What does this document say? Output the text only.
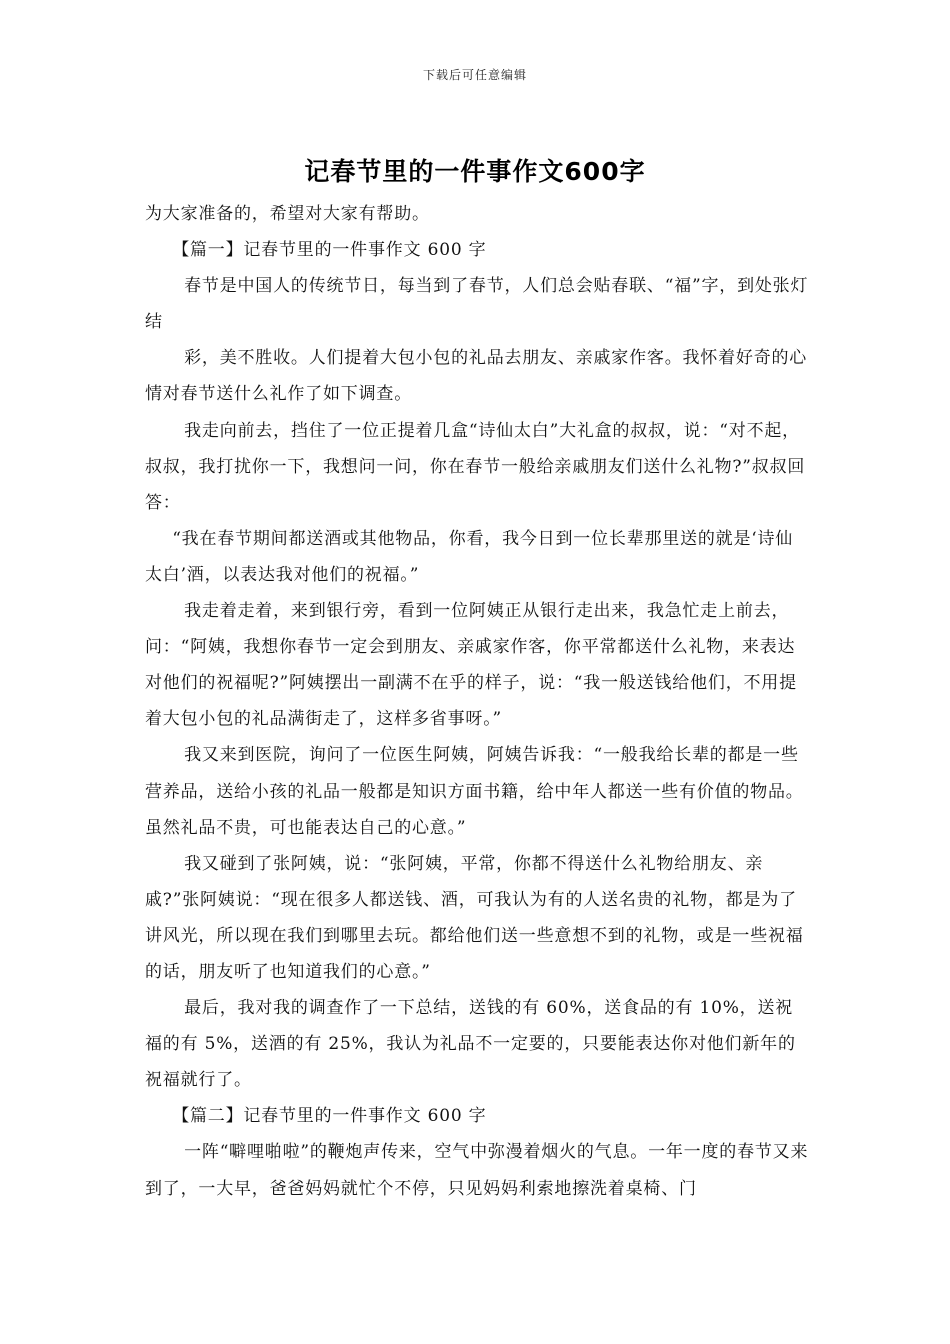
下载后可任意编辑
记春节里的一件事作文600字

为大家准备的，希望对大家有帮助。

【篇一】记春节里的一件事作文 600 字

春节是中国人的传统节日，每当到了春节，人们总会贴春联、“福”字，到处张灯结

彩，美不胜收。人们提着大包小包的礼品去朋友、亲戚家作客。我怀着好奇的心情对春节送什么礼作了如下调查。

我走向前去，挡住了一位正提着几盒“诗仙太白”大礼盒的叔叔，说：“对不起，叔叔，我打扰你一下，我想问一问，你在春节一般给亲戚朋友们送什么礼物?”叔叔回答：

“我在春节期间都送酒或其他物品，你看，我今日到一位长辈那里送的就是‘诗仙太白’酒，以表达我对他们的祝福。”

我走着走着，来到银行旁，看到一位阿姨正从银行走出来，我急忙走上前去，问：“阿姨，我想你春节一定会到朋友、亲戚家作客，你平常都送什么礼物，来表达对他们的祝福呢?”阿姨摆出一副满不在乎的样子，说：“我一般送钱给他们，不用提着大包小包的礼品满街走了，这样多省事呀。”

我又来到医院，询问了一位医生阿姨，阿姨告诉我：“一般我给长辈的都是一些营养品，送给小孩的礼品一般都是知识方面书籍，给中年人都送一些有价值的物品。虽然礼品不贵，可也能表达自己的心意。”

我又碰到了张阿姨，说：“张阿姨，平常，你都不得送什么礼物给朋友、亲戚?”张阿姨说：“现在很多人都送钱、酒，可我认为有的人送名贵的礼物，都是为了讲风光，所以现在我们到哪里去玩。都给他们送一些意想不到的礼物，或是一些祝福的话，朋友听了也知道我们的心意。”

最后，我对我的调查作了一下总结，送钱的有 60%，送食品的有 10%，送祝福的有 5%，送酒的有 25%，我认为礼品不一定要的，只要能表达你对他们新年的祝福就行了。

【篇二】记春节里的一件事作文 600 字

一阵“噼哩啪啦”的鞭炮声传来，空气中弥漫着烟火的气息。一年一度的春节又来到了，一大早，爸爸妈妈就忙个不停，只见妈妈利索地擦洗着桌椅、门
